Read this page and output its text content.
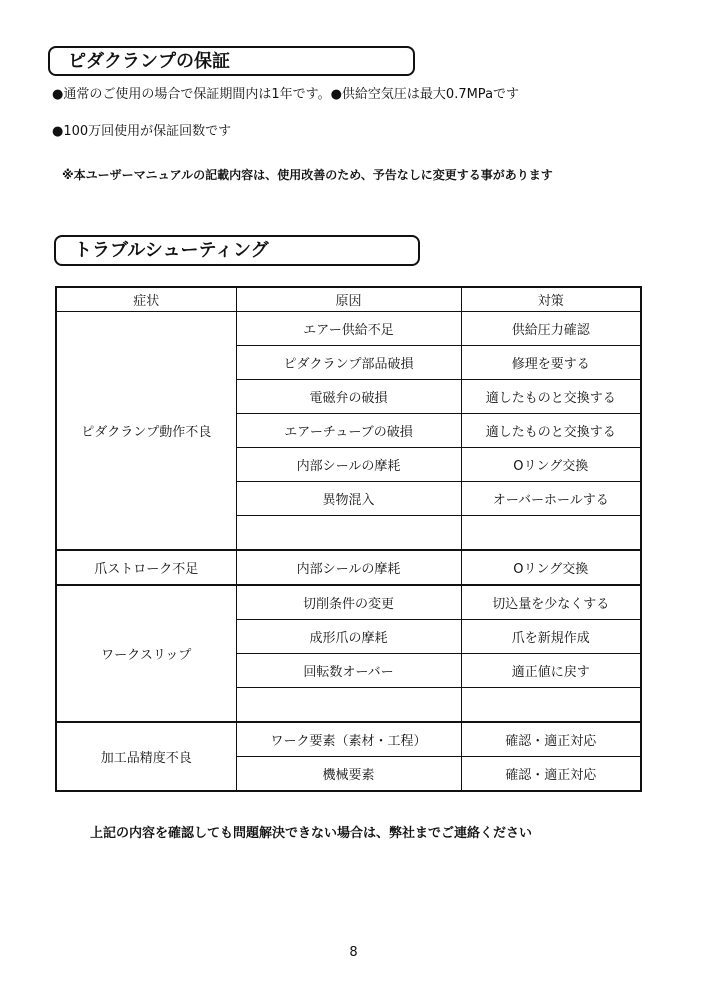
ピダクランプの保証
●通常のご使用の場合で保証期間内は1年です。●供給空気圧は最大0.7MPaです
●100万回使用が保証回数です
※本ユーザーマニュアルの記載内容は、使用改善のため、予告なしに変更する事があります
トラブルシューティング
症状	原因	対策
ピダクランプ動作不良	エアー供給不足	供給圧力確認
	ピダクランプ部品破損	修理を要する
	電磁弁の破損	適したものと交換する
	エアーチューブの破損	適したものと交換する
	内部シールの摩耗	Oリング交換
	異物混入	オーバーホールする

爪ストローク不足	内部シールの摩耗	Oリング交換
ワークスリップ	切削条件の変更	切込量を少なくする
	成形爪の摩耗	爪を新規作成
	回転数オーバー	適正値に戻す

加工品精度不良	ワーク要素（素材・工程）	確認・適正対応
	機械要素	確認・適正対応
上記の内容を確認しても問題解決できない場合は、弊社までご連絡ください
8
